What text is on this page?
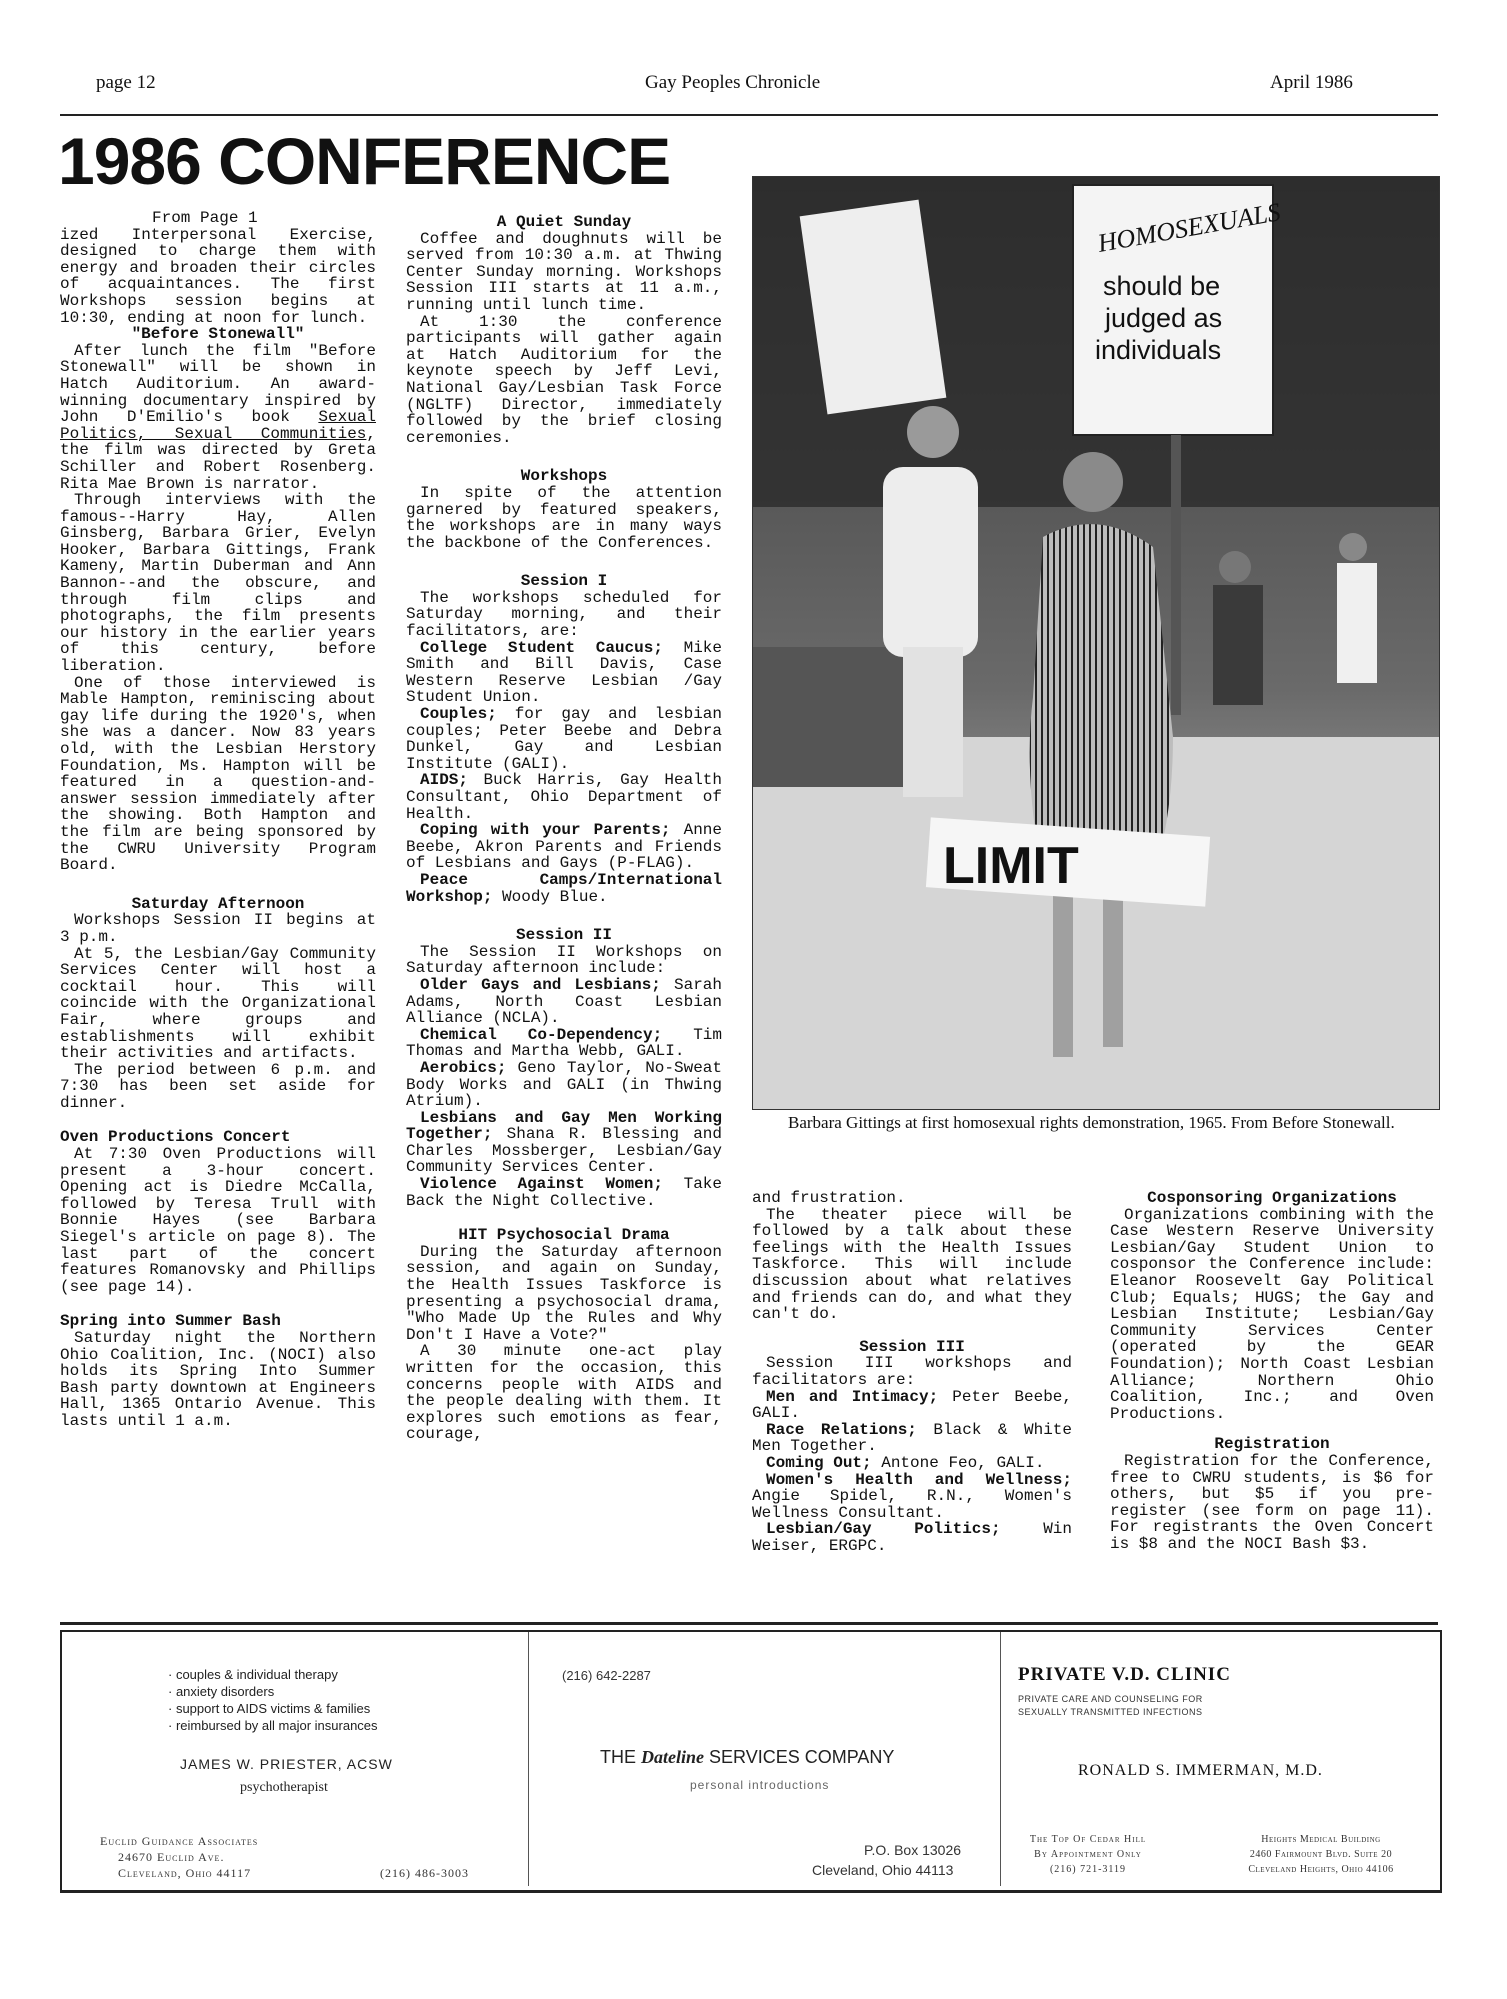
page 12	Gay Peoples Chronicle	April 1986
1986 CONFERENCE

From Page 1

ized Interpersonal Exercise, designed to charge them with energy and broaden their circles of acquaintances. The first Workshops session begins at 10:30, ending at noon for lunch.

"Before Stonewall"

After lunch the film "Before Stonewall" will be shown in Hatch Auditorium. An award-winning documentary inspired by John D'Emilio's book Sexual Politics, Sexual Communities, the film was directed by Greta Schiller and Robert Rosenberg. Rita Mae Brown is narrator.

Through interviews with the famous--Harry Hay, Allen Ginsberg, Barbara Grier, Evelyn Hooker, Barbara Gittings, Frank Kameny, Martin Duberman and Ann Bannon--and the obscure, and through film clips and photographs, the film presents our history in the earlier years of this century, before liberation.

One of those interviewed is Mable Hampton, reminiscing about gay life during the 1920's, when she was a dancer. Now 83 years old, with the Lesbian Herstory Foundation, Ms. Hampton will be featured in a question-and-answer session immediately after the showing. Both Hampton and the film are being sponsored by the CWRU University Program Board.

Saturday Afternoon

Workshops Session II begins at 3 p.m.

At 5, the Lesbian/Gay Community Services Center will host a cocktail hour. This will coincide with the Organizational Fair, where groups and establishments will exhibit their activities and artifacts.

The period between 6 p.m. and 7:30 has been set aside for dinner.

Oven Productions Concert

At 7:30 Oven Productions will present a 3-hour concert. Opening act is Diedre McCalla, followed by Teresa Trull with Bonnie Hayes (see Barbara Siegel's article on page 8). The last part of the concert features Romanovsky and Phillips (see page 14).

Spring into Summer Bash

Saturday night the Northern Ohio Coalition, Inc. (NOCI) also holds its Spring Into Summer Bash party downtown at Engineers Hall, 1365 Ontario Avenue. This lasts until 1 a.m.

A Quiet Sunday

Coffee and doughnuts will be served from 10:30 a.m. at Thwing Center Sunday morning. Workshops Session III starts at 11 a.m., running until lunch time.

At 1:30 the conference participants will gather again at Hatch Auditorium for the keynote speech by Jeff Levi, National Gay/Lesbian Task Force (NGLTF) Director, immediately followed by the brief closing ceremonies.

Workshops

In spite of the attention garnered by featured speakers, the workshops are in many ways the backbone of the Conferences.

Session I

The workshops scheduled for Saturday morning, and their facilitators, are:

College Student Caucus; Mike Smith and Bill Davis, Case Western Reserve Lesbian /Gay Student Union.

Couples; for gay and lesbian couples; Peter Beebe and Debra Dunkel, Gay and Lesbian Institute (GALI).

AIDS; Buck Harris, Gay Health Consultant, Ohio Department of Health.

Coping with your Parents; Anne Beebe, Akron Parents and Friends of Lesbians and Gays (P-FLAG).

Peace Camps/International Workshop; Woody Blue.

Session II

The Session II Workshops on Saturday afternoon include:

Older Gays and Lesbians; Sarah Adams, North Coast Lesbian Alliance (NCLA).

Chemical Co-Dependency; Tim Thomas and Martha Webb, GALI.

Aerobics; Geno Taylor, No-Sweat Body Works and GALI (in Thwing Atrium).

Lesbians and Gay Men Working Together; Shana R. Blessing and Charles Mossberger, Lesbian/Gay Community Services Center.

Violence Against Women; Take Back the Night Collective.

HIT Psychosocial Drama

During the Saturday afternoon session, and again on Sunday, the Health Issues Taskforce is presenting a psychosocial drama, "Who Made Up the Rules and Why Don't I Have a Vote?"

A 30 minute one-act play written for the occasion, this concerns people with AIDS and the people dealing with them. It explores such emotions as fear, courage,

HOMOSEXUALS
should be
judged as
individuals
LIMIT
Barbara Gittings at first homosexual rights demonstration, 1965. From Before Stonewall.

and frustration.

The theater piece will be followed by a talk about these feelings with the Health Issues Taskforce. This will include discussion about what relatives and friends can do, and what they can't do.

Session III

Session III workshops and facilitators are:

Men and Intimacy; Peter Beebe, GALI.

Race Relations; Black & White Men Together.

Coming Out; Antone Feo, GALI.

Women's Health and Wellness; Angie Spidel, R.N., Women's Wellness Consultant.

Lesbian/Gay Politics; Win Weiser, ERGPC.

Cosponsoring Organizations

Organizations combining with the Case Western Reserve University Lesbian/Gay Student Union to cosponsor the Conference include: Eleanor Roosevelt Gay Political Club; Equals; HUGS; the Gay and Lesbian Institute; Lesbian/Gay Community Services Center (operated by the GEAR Foundation); North Coast Lesbian Alliance; Northern Ohio Coalition, Inc.; and Oven Productions.

Registration

Registration for the Conference, free to CWRU students, is $6 for others, but $5 if you pre-register (see form on page 11). For registrants the Oven Concert is $8 and the NOCI Bash $3.

· couples & individual therapy
· anxiety disorders
· support to AIDS victims & families
· reimbursed by all major insurances
JAMES W. PRIESTER, ACSW
psychotherapist
Euclid Guidance Associates
24670 Euclid Ave.
Cleveland, Ohio 44117	(216) 486-3003
(216) 642-2287
THE Dateline SERVICES COMPANY
personal introductions
P.O. Box 13026
Cleveland, Ohio 44113
PRIVATE V.D. CLINIC
PRIVATE CARE AND COUNSELING FOR
SEXUALLY TRANSMITTED INFECTIONS
RONALD S. IMMERMAN, M.D.
The Top Of Cedar Hill
By Appointment Only
(216) 721-3119
Heights Medical Building
2460 Fairmount Blvd. Suite 20
Cleveland Heights, Ohio 44106
